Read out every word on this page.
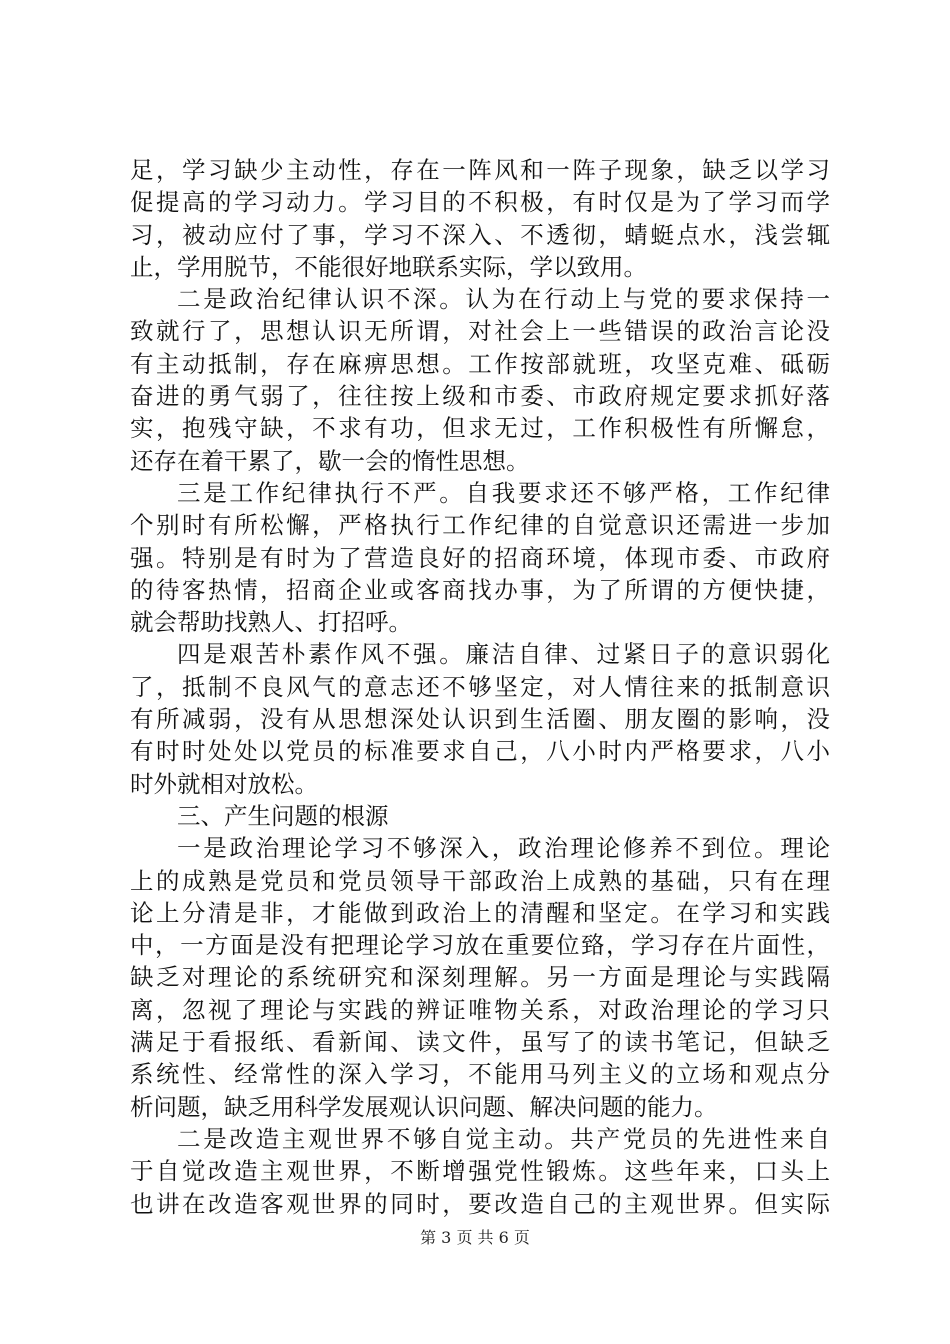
足，学习缺少主动性，存在一阵风和一阵子现象，缺乏以学习
促提高的学习动力。学习目的不积极，有时仅是为了学习而学
习，被动应付了事，学习不深入、不透彻，蜻蜓点水，浅尝辄
止，学用脱节，不能很好地联系实际，学以致用。
二是政治纪律认识不深。认为在行动上与党的要求保持一
致就行了，思想认识无所谓，对社会上一些错误的政治言论没
有主动抵制，存在麻痹思想。工作按部就班，攻坚克难、砥砺
奋进的勇气弱了，往往按上级和市委、市政府规定要求抓好落
实，抱残守缺，不求有功，但求无过，工作积极性有所懈怠，
还存在着干累了，歇一会的惰性思想。
三是工作纪律执行不严。自我要求还不够严格，工作纪律
个别时有所松懈，严格执行工作纪律的自觉意识还需进一步加
强。特别是有时为了营造良好的招商环境，体现市委、市政府
的待客热情，招商企业或客商找办事，为了所谓的方便快捷，
就会帮助找熟人、打招呼。
四是艰苦朴素作风不强。廉洁自律、过紧日子的意识弱化
了，抵制不良风气的意志还不够坚定，对人情往来的抵制意识
有所减弱，没有从思想深处认识到生活圈、朋友圈的影响，没
有时时处处以党员的标准要求自己，八小时内严格要求，八小
时外就相对放松。
三、产生问题的根源
一是政治理论学习不够深入，政治理论修养不到位。理论
上的成熟是党员和党员领导干部政治上成熟的基础，只有在理
论上分清是非，才能做到政治上的清醒和坚定。在学习和实践
中，一方面是没有把理论学习放在重要位臵，学习存在片面性，
缺乏对理论的系统研究和深刻理解。另一方面是理论与实践隔
离，忽视了理论与实践的辨证唯物关系，对政治理论的学习只
满足于看报纸、看新闻、读文件，虽写了的读书笔记，但缺乏
系统性、经常性的深入学习，不能用马列主义的立场和观点分
析问题，缺乏用科学发展观认识问题、解决问题的能力。
二是改造主观世界不够自觉主动。共产党员的先进性来自
于自觉改造主观世界，不断增强党性锻炼。这些年来，口头上
也讲在改造客观世界的同时，要改造自己的主观世界。但实际
第 3 页 共 6 页
